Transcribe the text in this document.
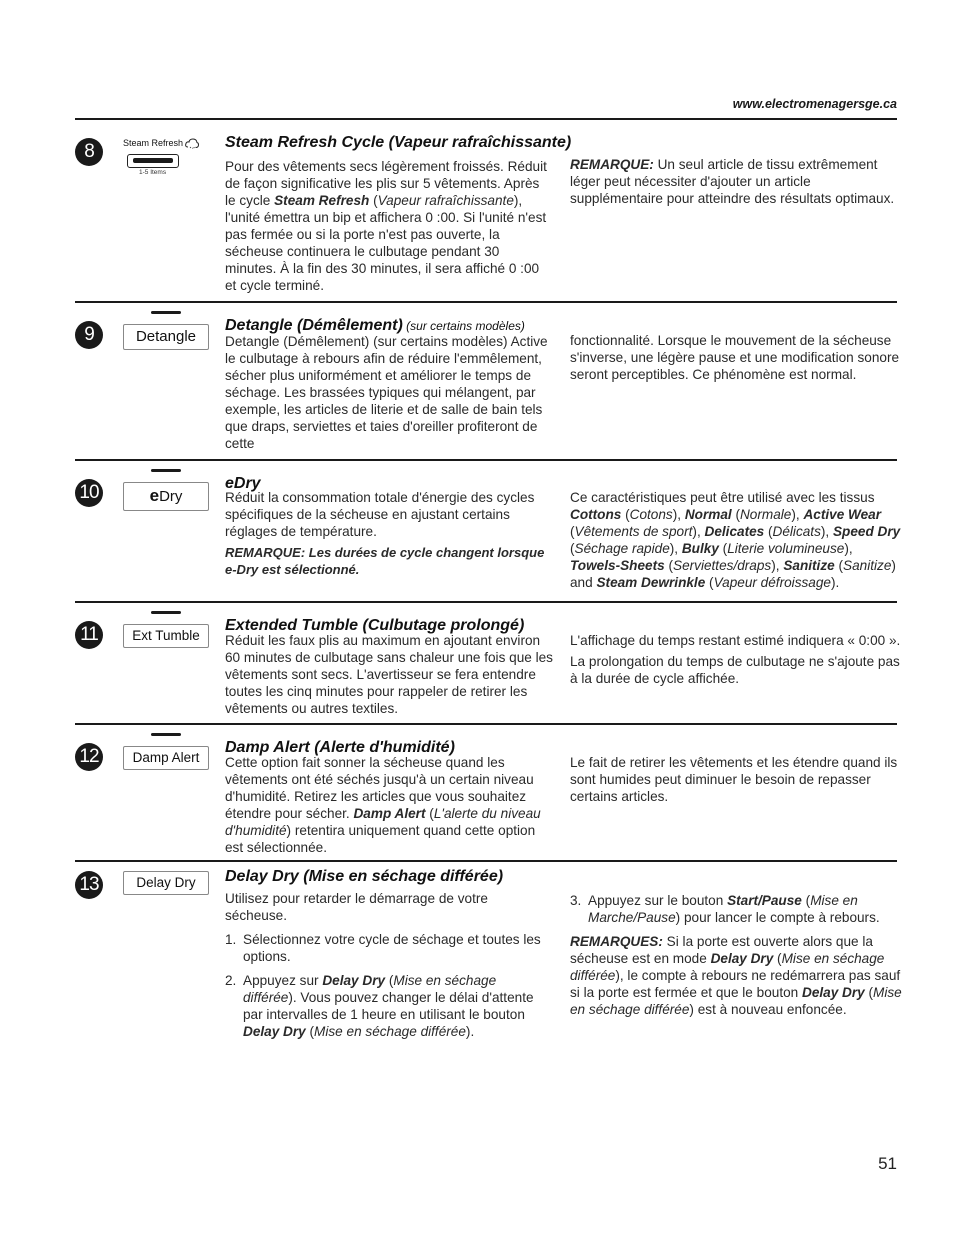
www.electromenagersge.ca
8	Steam Refresh
1-5 Items
Steam Refresh Cycle (Vapeur rafraîchissante)

Pour des vêtements secs légèrement froissés. Réduit de façon significative les plis sur 5 vêtements. Après le cycle Steam Refresh (Vapeur rafraîchissante), l'unité émettra un bip et affichera 0 :00. Si l'unité n'est pas fermée ou si la porte n'est pas ouverte, la sécheuse continuera le culbutage pendant 30 minutes. À la fin des 30 minutes, il sera affiché 0 :00 et cycle terminé.

REMARQUE: Un seul article de tissu extrêmement léger peut nécessiter d'ajouter un article supplémentaire pour atteindre des résultats optimaux.

9	Detangle
Detangle (Démêlement) (sur certains modèles)

Detangle (Démêlement) (sur certains modèles) Active le culbutage à rebours afin de réduire l'emmêlement, sécher plus uniformément et améliorer le temps de séchage. Les brassées typiques qui mélangent, par exemple, les articles de literie et de salle de bain tels que draps, serviettes et taies d'oreiller profiteront de cette

fonctionnalité. Lorsque le mouvement de la sécheuse s'inverse, une légère pause et une modification sonore seront perceptibles. Ce phénomène est normal.

10	eDry
eDry

Réduit la consommation totale d'énergie des cycles spécifiques de la sécheuse en ajustant certains réglages de température.

REMARQUE: Les durées de cycle changent lorsque e-Dry est sélectionné.

Ce caractéristiques peut être utilisé avec les tissus Cottons (Cotons), Normal (Normale), Active Wear (Vêtements de sport), Delicates (Délicats), Speed Dry (Séchage rapide), Bulky (Literie volumineuse), Towels-Sheets (Serviettes/draps), Sanitize (Sanitize) and Steam Dewrinkle (Vapeur défroissage).

11	Ext Tumble
Extended Tumble (Culbutage prolongé)

Réduit les faux plis au maximum en ajoutant environ 60 minutes de culbutage sans chaleur une fois que les vêtements sont secs. L'avertisseur se fera entendre toutes les cinq minutes pour rappeler de retirer les vêtements ou autres textiles.

L'affichage du temps restant estimé indiquera « 0:00 ».

La prolongation du temps de culbutage ne s'ajoute pas à la durée de cycle affichée.

12	Damp Alert
Damp Alert (Alerte d'humidité)

Cette option fait sonner la sécheuse quand les vêtements ont été séchés jusqu'à un certain niveau d'humidité. Retirez les articles que vous souhaitez étendre pour sécher. Damp Alert (L'alerte du niveau d'humidité) retentira uniquement quand cette option est sélectionnée.

Le fait de retirer les vêtements et les étendre quand ils sont humides peut diminuer le besoin de repasser certains articles.

13	Delay Dry	Delay Dry (Mise en séchage différée)

Utilisez pour retarder le démarrage de votre sécheuse.

1. Sélectionnez votre cycle de séchage et toutes les options.
2. Appuyez sur Delay Dry (Mise en séchage différée). Vous pouvez changer le délai d'attente par intervalles de 1 heure en utilisant le bouton Delay Dry (Mise en séchage différée).
3. Appuyez sur le bouton Start/Pause (Mise en Marche/Pause) pour lancer le compte à rebours.

REMARQUES: Si la porte est ouverte alors que la sécheuse est en mode Delay Dry (Mise en séchage différée), le compte à rebours ne redémarrera pas sauf si la porte est fermée et que le bouton Delay Dry (Mise en séchage différée) est à nouveau enfoncée.

51
